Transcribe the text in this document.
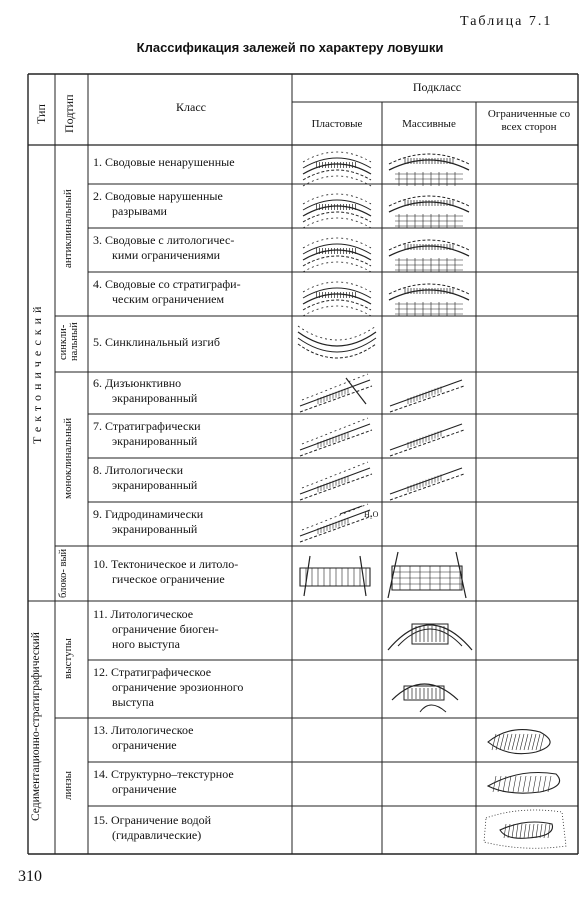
Таблица 7.1
Классификация залежей по характеру ловушки
Тип Подтип	Класс
Подкласс
Пластовые	Массивные
Ограниченные со всех сторон
Тектонический
Седиментационно-стратиграфический
антиклинальный
синкли- нальный
моноклинальный
блоко- вый
выступы
линзы
1. Сводовые ненарушенные
2. Сводовые нарушенные
разрывами
3. Сводовые с литологичес-
кими ограничениями
4. Сводовые со стратиграфи-
ческим ограничением
5. Синклинальный изгиб
6. Дизъюнктивно
экранированный
7. Стратиграфически
экранированный
8. Литологически
экранированный
9. Гидродинамически
экранированный
10. Тектоническое и литоло-
гическое ограничение
11. Литологическое
ограничение биоген-
ного выступа
12. Стратиграфическое
ограничение эрозионного
выступа
13. Литологическое
ограничение
14. Структурно–текстурное
ограничение
15. Ограничение водой
(гидравлические)
H₂O
310
